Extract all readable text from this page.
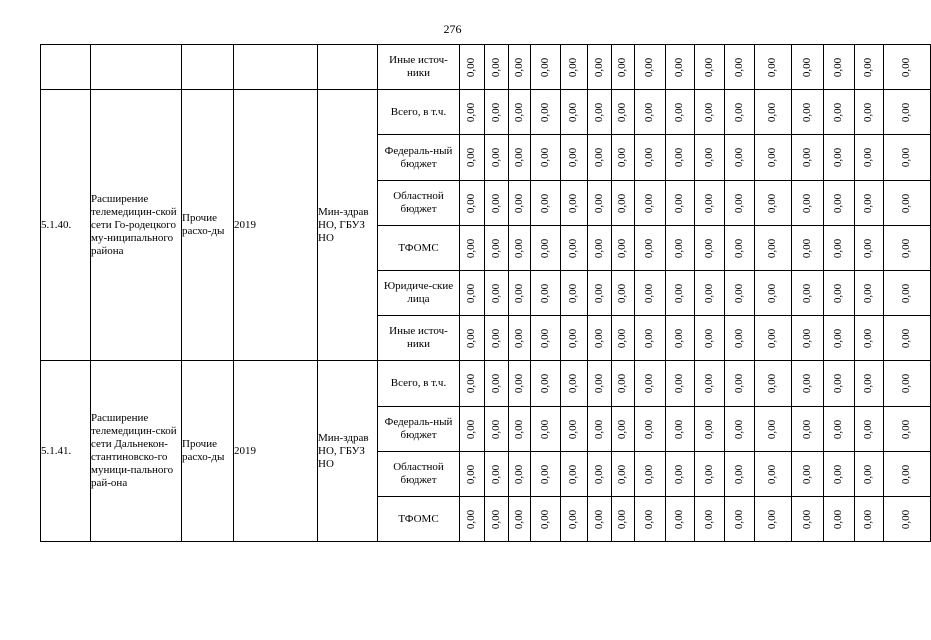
276
					Иные источ-ники	0,00	0,00	0,00	0,00	0,00	0,00	0,00	0,00	0,00	0,00	0,00	0,00	0,00	0,00	0,00	0,00
5.1.40.	Расширение телемедицин-ской сети Го-родецкого му-ниципального района	Прочие расхо-ды	2019	Мин-здрав НО, ГБУЗ НО	Всего, в т.ч.	0,00	0,00	0,00	0,00	0,00	0,00	0,00	0,00	0,00	0,00	0,00	0,00	0,00	0,00	0,00	0,00
					Федераль-ный бюджет	0,00	0,00	0,00	0,00	0,00	0,00	0,00	0,00	0,00	0,00	0,00	0,00	0,00	0,00	0,00	0,00
					Областной бюджет	0,00	0,00	0,00	0,00	0,00	0,00	0,00	0,00	0,00	0,00	0,00	0,00	0,00	0,00	0,00	0,00
					ТФОМС	0,00	0,00	0,00	0,00	0,00	0,00	0,00	0,00	0,00	0,00	0,00	0,00	0,00	0,00	0,00	0,00
					Юридиче-ские лица	0,00	0,00	0,00	0,00	0,00	0,00	0,00	0,00	0,00	0,00	0,00	0,00	0,00	0,00	0,00	0,00
					Иные источ-ники	0,00	0,00	0,00	0,00	0,00	0,00	0,00	0,00	0,00	0,00	0,00	0,00	0,00	0,00	0,00	0,00
5.1.41.	Расширение телемедицин-ской сети Дальнекон-стантиновско-го муници-пального рай-она	Прочие расхо-ды	2019	Мин-здрав НО, ГБУЗ НО	Всего, в т.ч.	0,00	0,00	0,00	0,00	0,00	0,00	0,00	0,00	0,00	0,00	0,00	0,00	0,00	0,00	0,00	0,00
					Федераль-ный бюджет	0,00	0,00	0,00	0,00	0,00	0,00	0,00	0,00	0,00	0,00	0,00	0,00	0,00	0,00	0,00	0,00
					Областной бюджет	0,00	0,00	0,00	0,00	0,00	0,00	0,00	0,00	0,00	0,00	0,00	0,00	0,00	0,00	0,00	0,00
					ТФОМС	0,00	0,00	0,00	0,00	0,00	0,00	0,00	0,00	0,00	0,00	0,00	0,00	0,00	0,00	0,00	0,00
